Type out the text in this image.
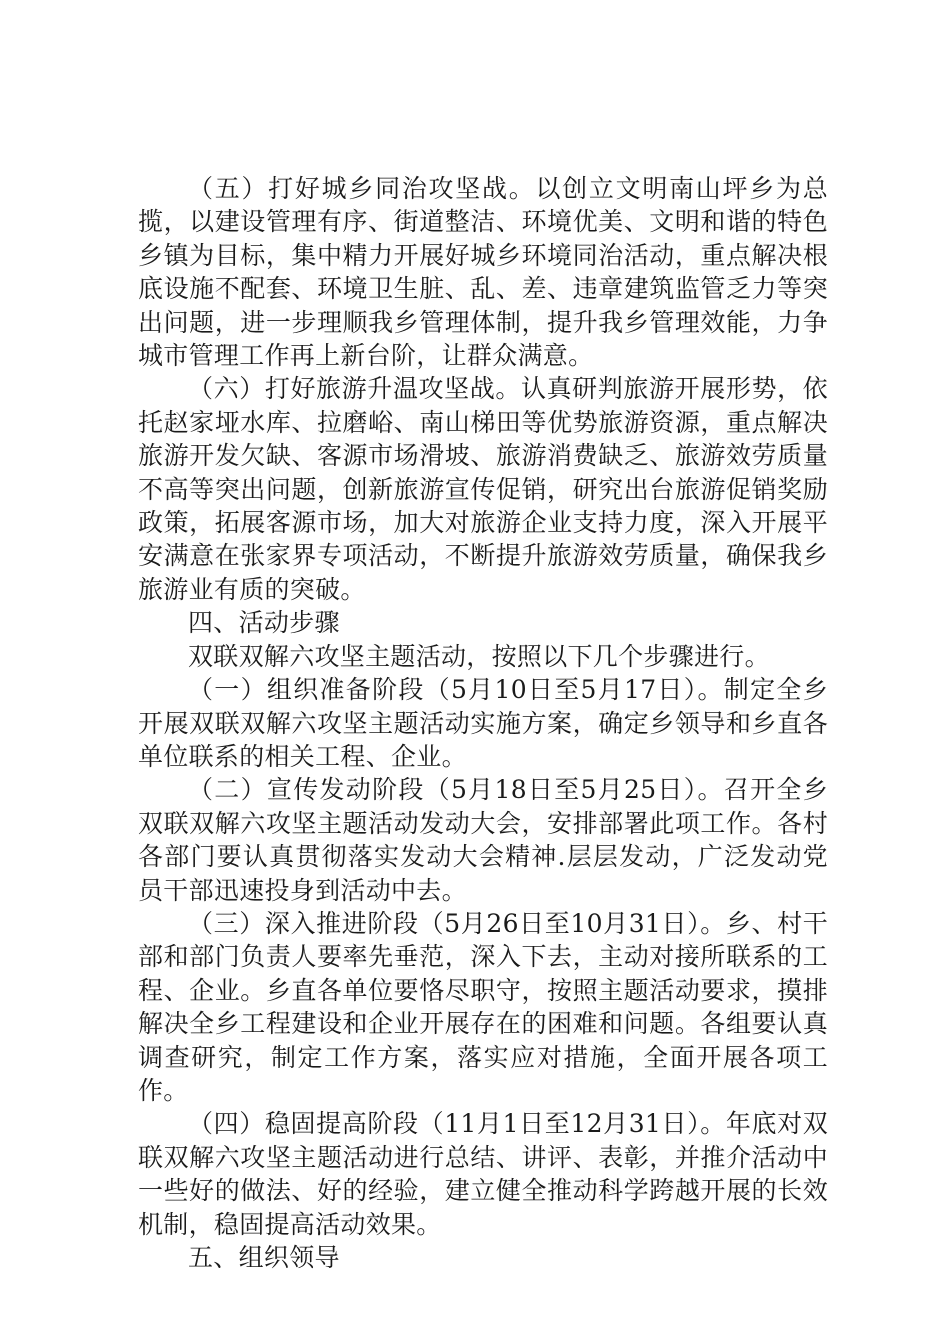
（五）打好城乡同治攻坚战。以创立文明南山坪乡为总揽，以建设管理有序、街道整洁、环境优美、文明和谐的特色乡镇为目标，集中精力开展好城乡环境同治活动，重点解决根底设施不配套、环境卫生脏、乱、差、违章建筑监管乏力等突出问题，进一步理顺我乡管理体制，提升我乡管理效能，力争城市管理工作再上新台阶，让群众满意。

（六）打好旅游升温攻坚战。认真研判旅游开展形势，依托赵家垭水库、拉磨峪、南山梯田等优势旅游资源，重点解决旅游开发欠缺、客源市场滑坡、旅游消费缺乏、旅游效劳质量不高等突出问题，创新旅游宣传促销，研究出台旅游促销奖励政策，拓展客源市场，加大对旅游企业支持力度，深入开展平安满意在张家界专项活动，不断提升旅游效劳质量，确保我乡旅游业有质的突破。

四、活动步骤

双联双解六攻坚主题活动，按照以下几个步骤进行。

（一）组织准备阶段（5月10日至5月17日）。制定全乡开展双联双解六攻坚主题活动实施方案，确定乡领导和乡直各单位联系的相关工程、企业。

（二）宣传发动阶段（5月18日至5月25日）。召开全乡双联双解六攻坚主题活动发动大会，安排部署此项工作。各村各部门要认真贯彻落实发动大会精神.层层发动，广泛发动党员干部迅速投身到活动中去。

（三）深入推进阶段（5月26日至10月31日）。乡、村干部和部门负责人要率先垂范，深入下去，主动对接所联系的工程、企业。乡直各单位要恪尽职守，按照主题活动要求，摸排解决全乡工程建设和企业开展存在的困难和问题。各组要认真调查研究，制定工作方案，落实应对措施，全面开展各项工作。

（四）稳固提高阶段（11月1日至12月31日）。年底对双联双解六攻坚主题活动进行总结、讲评、表彰，并推介活动中一些好的做法、好的经验，建立健全推动科学跨越开展的长效机制，稳固提高活动效果。

五、组织领导
